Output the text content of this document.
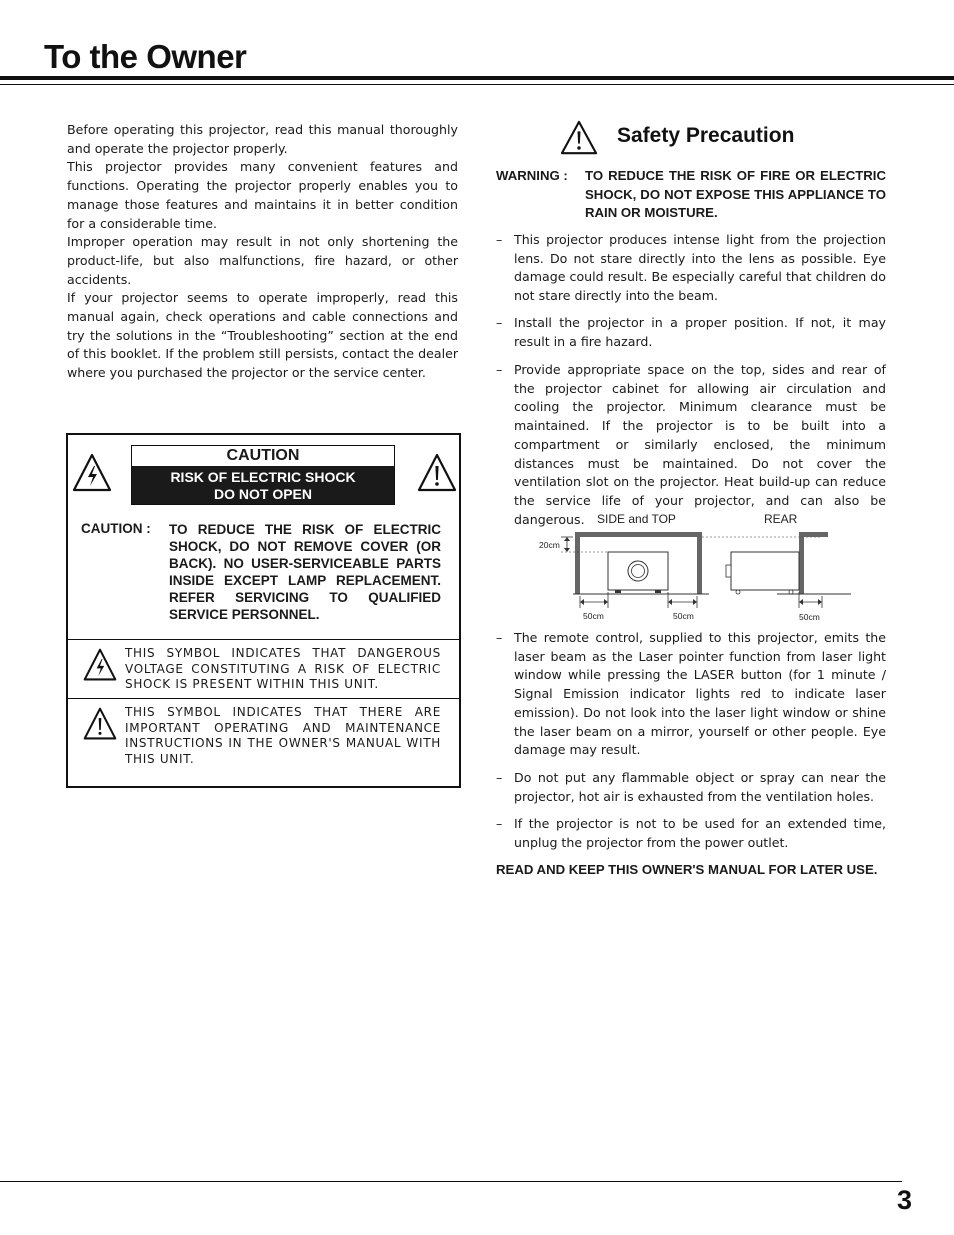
To the Owner

Before operating this projector, read this manual thoroughly and operate the projector properly.

This projector provides many convenient features and functions. Operating the projector properly enables you to manage those features and maintains it in better condition for a considerable time.

Improper operation may result in not only shortening the product-life, but also malfunctions, fire hazard, or other accidents.

If your projector seems to operate improperly, read this manual again, check operations and cable connections and try the solutions in the “Troubleshooting” section at the end of this booklet. If the problem still persists, contact the dealer where you purchased the projector or the service center.

CAUTION
RISK OF ELECTRIC SHOCK
DO NOT OPEN
CAUTION : TO REDUCE THE RISK OF ELECTRIC SHOCK, DO NOT REMOVE COVER (OR BACK). NO USER-SERVICEABLE PARTS INSIDE EXCEPT LAMP REPLACEMENT. REFER SERVICING TO QUALIFIED SERVICE PERSONNEL.

THIS SYMBOL INDICATES THAT DANGEROUS VOLTAGE CONSTITUTING A RISK OF ELECTRIC SHOCK IS PRESENT WITHIN THIS UNIT.

THIS SYMBOL INDICATES THAT THERE ARE IMPORTANT OPERATING AND MAINTENANCE INSTRUCTIONS IN THE OWNER'S MANUAL WITH THIS UNIT.

Safety Precaution
WARNING : TO REDUCE THE RISK OF FIRE OR ELECTRIC SHOCK, DO NOT EXPOSE THIS APPLIANCE TO RAIN OR MOISTURE.

– This projector produces intense light from the projection lens. Do not stare directly into the lens as possible. Eye damage could result. Be especially careful that children do not stare directly into the beam.
– Install the projector in a proper position. If not, it may result in a fire hazard.
– Provide appropriate space on the top, sides and rear of the projector cabinet for allowing air circulation and cooling the projector. Minimum clearance must be maintained. If the projector is to be built into a compartment or similarly enclosed, the minimum distances must be maintained. Do not cover the ventilation slot on the projector. Heat build-up can reduce the service life of your projector, and can also be dangerous.	SIDE and TOP	REAR
20cm
50cm	50cm	50cm
– The remote control, supplied to this projector, emits the laser beam as the Laser pointer function from laser light window while pressing the LASER button (for 1 minute / Signal Emission indicator lights red to indicate laser emission). Do not look into the laser light window or shine the laser beam on a mirror, yourself or other people. Eye damage may result.
– Do not put any flammable object or spray can near the projector, hot air is exhausted from the ventilation holes.
– If the projector is not to be used for an extended time, unplug the projector from the power outlet.

READ AND KEEP THIS OWNER'S MANUAL FOR LATER USE.

3
